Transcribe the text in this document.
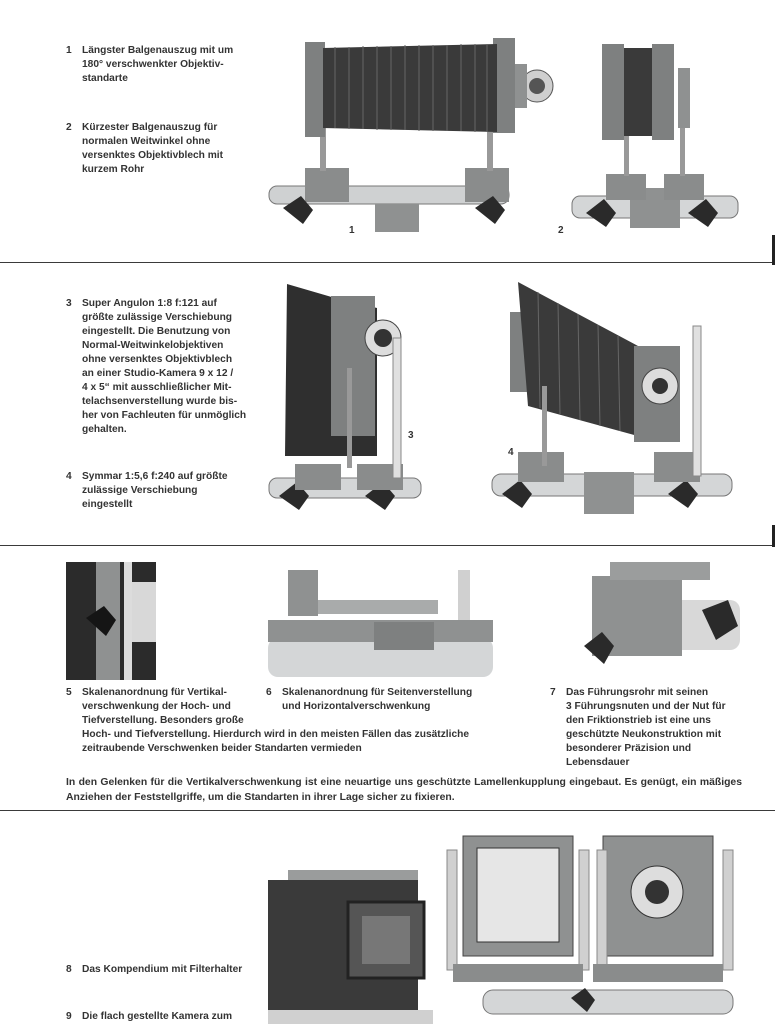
1 Längster Balgenauszug mit um
180° verschwenkter Objektiv-
standarte
2 Kürzester Balgenauszug für
normalen Weitwinkel ohne
versenktes Objektivblech mit
kurzem Rohr
1	2
3 Super Angulon 1:8 f:121 auf
größte zulässige Verschiebung
eingestellt. Die Benutzung von
Normal-Weitwinkelobjektiven
ohne versenktes Objektivblech
an einer Studio-Kamera 9 x 12 /
4 x 5“ mit ausschließlicher Mit-
telachsenverstellung wurde bis-
her von Fachleuten für unmöglich
gehalten.
4 Symmar 1:5,6 f:240 auf größte
zulässige Verschiebung
eingestellt
3
4
5 Skalenanordnung für Vertikal-
verschwenkung der Hoch- und
Tiefverstellung. Besonders große
Hoch- und Tiefverstellung. Hierdurch wird in den meisten Fällen das zusätzliche
zeitraubende Verschwenken beider Standarten vermieden
6 Skalenanordnung für Seitenverstellung
und Horizontalverschwenkung
7 Das Führungsrohr mit seinen
3 Führungsnuten und der Nut für
den Friktionstrieb ist eine uns
geschützte Neukonstruktion mit
besonderer Präzision und
Lebensdauer
In den Gelenken für die Vertikalverschwenkung ist eine neuartige uns geschützte Lamellenkupplung eingebaut. Es genügt, ein mäßiges Anziehen der Feststellgriffe, um die Standarten in ihrer Lage sicher zu fixieren.
8 Das Kompendium mit Filterhalter
9 Die flach gestellte Kamera zum
